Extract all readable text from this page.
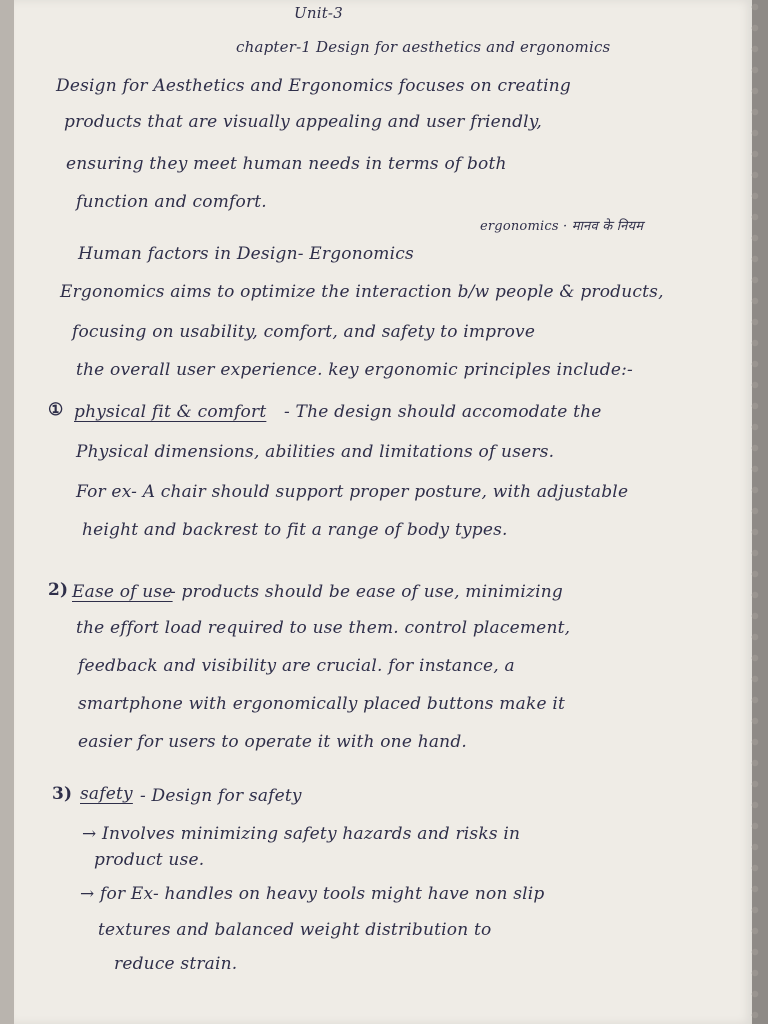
Unit-3
chapter-1 Design for aesthetics and ergonomics
Design for Aesthetics and Ergonomics focuses on creating
products that are visually appealing and user friendly,
ensuring they meet human needs in terms of both
function and comfort.
ergonomics · मानव के नियम
Human factors in Design- Ergonomics
Ergonomics aims to optimize the interaction b/w people & products,
focusing on usability, comfort, and safety to improve
the overall user experience. key ergonomic principles include:-
① physical fit & comfort - The design should accomodate the
Physical dimensions, abilities and limitations of users.
For ex- A chair should support proper posture, with adjustable
height and backrest to fit a range of body types.
2) Ease of use
- products should be ease of use, minimizing
the effort load required to use them. control placement,
feedback and visibility are crucial. for instance, a
smartphone with ergonomically placed buttons make it
easier for users to operate it with one hand.
3) safety - Design for safety
→ Involves minimizing safety hazards and risks in
product use.
→ for Ex- handles on heavy tools might have non slip
textures and balanced weight distribution to
reduce strain.
